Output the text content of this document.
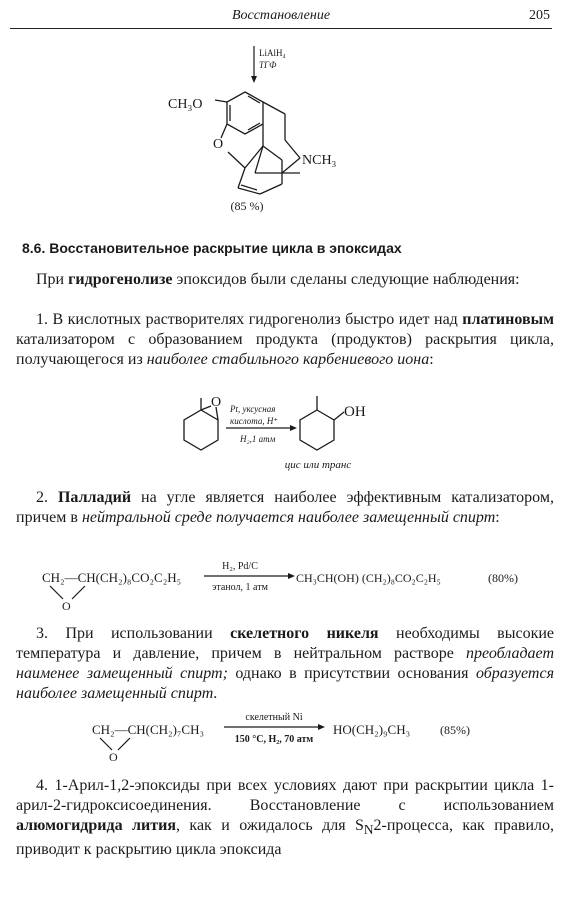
Восстановление	205
LiAlH₄
ТГФ
CH₃O
O
NCH₃
(85 %)
8.6. Восстановительное раскрытие цикла в эпоксидах
При гидрогенолизе эпоксидов были сделаны следующие наблюдения:
1. В кислотных растворителях гидрогенолиз быстро идет над платиновым катализатором с образованием продукта (продуктов) раскрытия цикла, получающегося из наиболее стабильного карбениевого иона:
O Pt, уксусная
кислота, H⁺
H₂,1 атм
OH
цис или транс
2. Палладий на угле является наиболее эффективным катализатором, причем в нейтральной среде получается наиболее замещенный спирт:
CH₂—CH(CH₂)₈CO₂C₂H₅
O
H₂, Pd/C
этанол, 1 атм
CH₃CH(OH) (CH₂)₈CO₂C₂H₅	(80%)
3. При использовании скелетного никеля необходимы высокие температура и давление, причем в нейтральном растворе преобладает наименее замещенный спирт; однако в присутствии основания образуется наиболее замещенный спирт.
CH₂—CH(CH₂)₇CH₃
O
скелетный Ni
150 °C, H₂, 70 атм
HO(CH₂)₉CH₃ (85%)
4. 1-Арил-1,2-эпоксиды при всех условиях дают при раскрытии цикла 1-арил-2-гидроксисоединения. Восстановление с использованием алюмогидрида лития, как и ожидалось для $S_N2$-процесса, как правило, приводит к раскрытию цикла эпоксида
